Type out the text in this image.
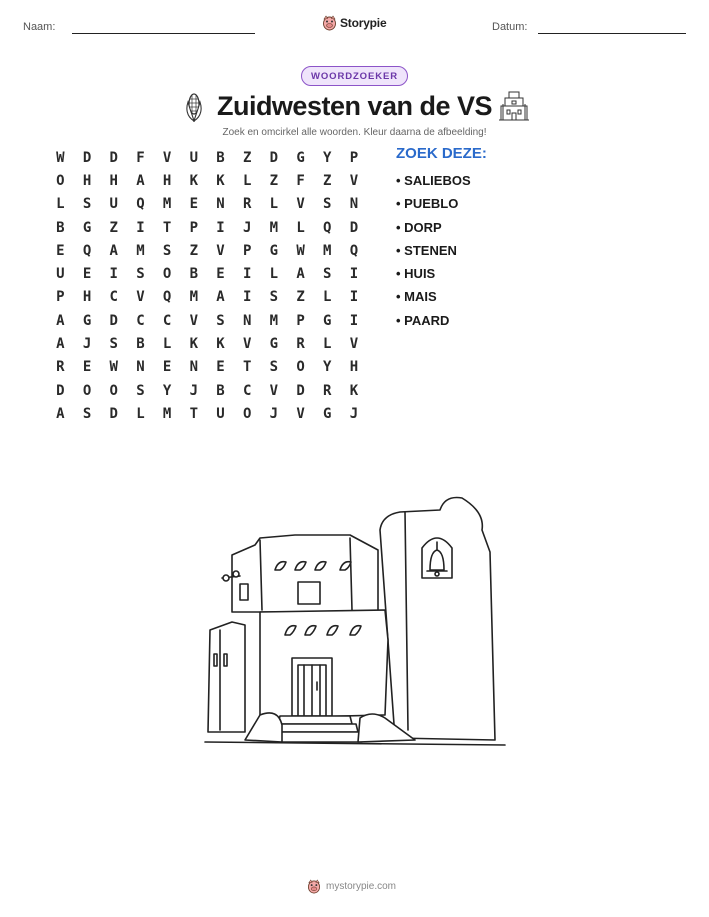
Naam:	Storypie	Datum:
WOORDZOEKER
Zuidwesten van de VS
Zoek en omcirkel alle woorden. Kleur daarna de afbeelding!
W	D	D	F	V	U	B	Z	D	G	Y	P
O	H	H	A	H	K	K	L	Z	F	Z	V
L	S	U	Q	M	E	N	R	L	V	S	N
B	G	Z	I	T	P	I	J	M	L	Q	D
E	Q	A	M	S	Z	V	P	G	W	M	Q
U	E	I	S	O	B	E	I	L	A	S	I
P	H	C	V	Q	M	A	I	S	Z	L	I
A	G	D	C	C	V	S	N	M	P	G	I
A	J	S	B	L	K	K	V	G	R	L	V
R	E	W	N	E	N	E	T	S	O	Y	H
D	O	O	S	Y	J	B	C	V	D	R	K
A	S	D	L	M	T	U	O	J	V	G	J
ZOEK DEZE:
• SALIEBOS
• PUEBLO
• DORP
• STENEN
• HUIS
• MAIS
• PAARD
mystorypie.com
